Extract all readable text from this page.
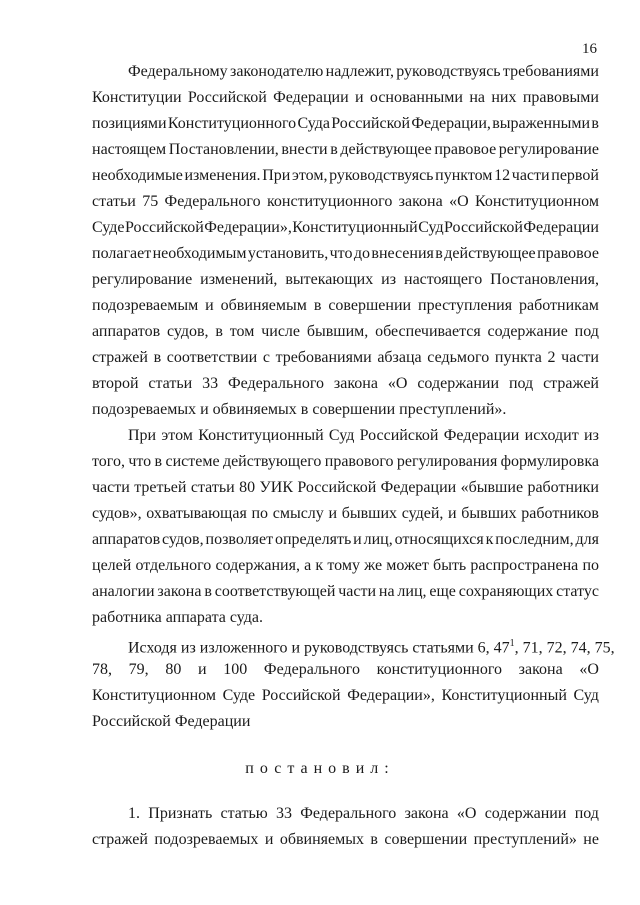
16
Федеральному законодателю надлежит, руководствуясь требованиями
Конституции Российской Федерации и основанными на них правовыми
позициями Конституционного Суда Российской Федерации, выраженными в
настоящем Постановлении, внести в действующее правовое регулирование
необходимые изменения. При этом, руководствуясь пунктом 12 части первой
статьи 75 Федерального конституционного закона «О Конституционном
Суде Российской Федерации», Конституционный Суд Российской Федерации
полагает необходимым установить, что до внесения в действующее правовое
регулирование изменений, вытекающих из настоящего Постановления,
подозреваемым и обвиняемым в совершении преступления работникам
аппаратов судов, в том числе бывшим, обеспечивается содержание под
стражей в соответствии с требованиями абзаца седьмого пункта 2 части
второй статьи 33 Федерального закона «О содержании под стражей
подозреваемых и обвиняемых в совершении преступлений».
При этом Конституционный Суд Российской Федерации исходит из
того, что в системе действующего правового регулирования формулировка
части третьей статьи 80 УИК Российской Федерации «бывшие работники
судов», охватывающая по смыслу и бывших судей, и бывших работников
аппаратов судов, позволяет определять и лиц, относящихся к последним, для
целей отдельного содержания, а к тому же может быть распространена по
аналогии закона в соответствующей части на лиц, еще сохраняющих статус
работника аппарата суда.
Исходя из изложенного и руководствуясь статьями 6, $47^1$, 71, 72, 74, 75,
78, 79, 80 и 100 Федерального конституционного закона «О
Конституционном Суде Российской Федерации», Конституционный Суд
Российской Федерации
постановил:
1. Признать статью 33 Федерального закона «О содержании под
стражей подозреваемых и обвиняемых в совершении преступлений» не
